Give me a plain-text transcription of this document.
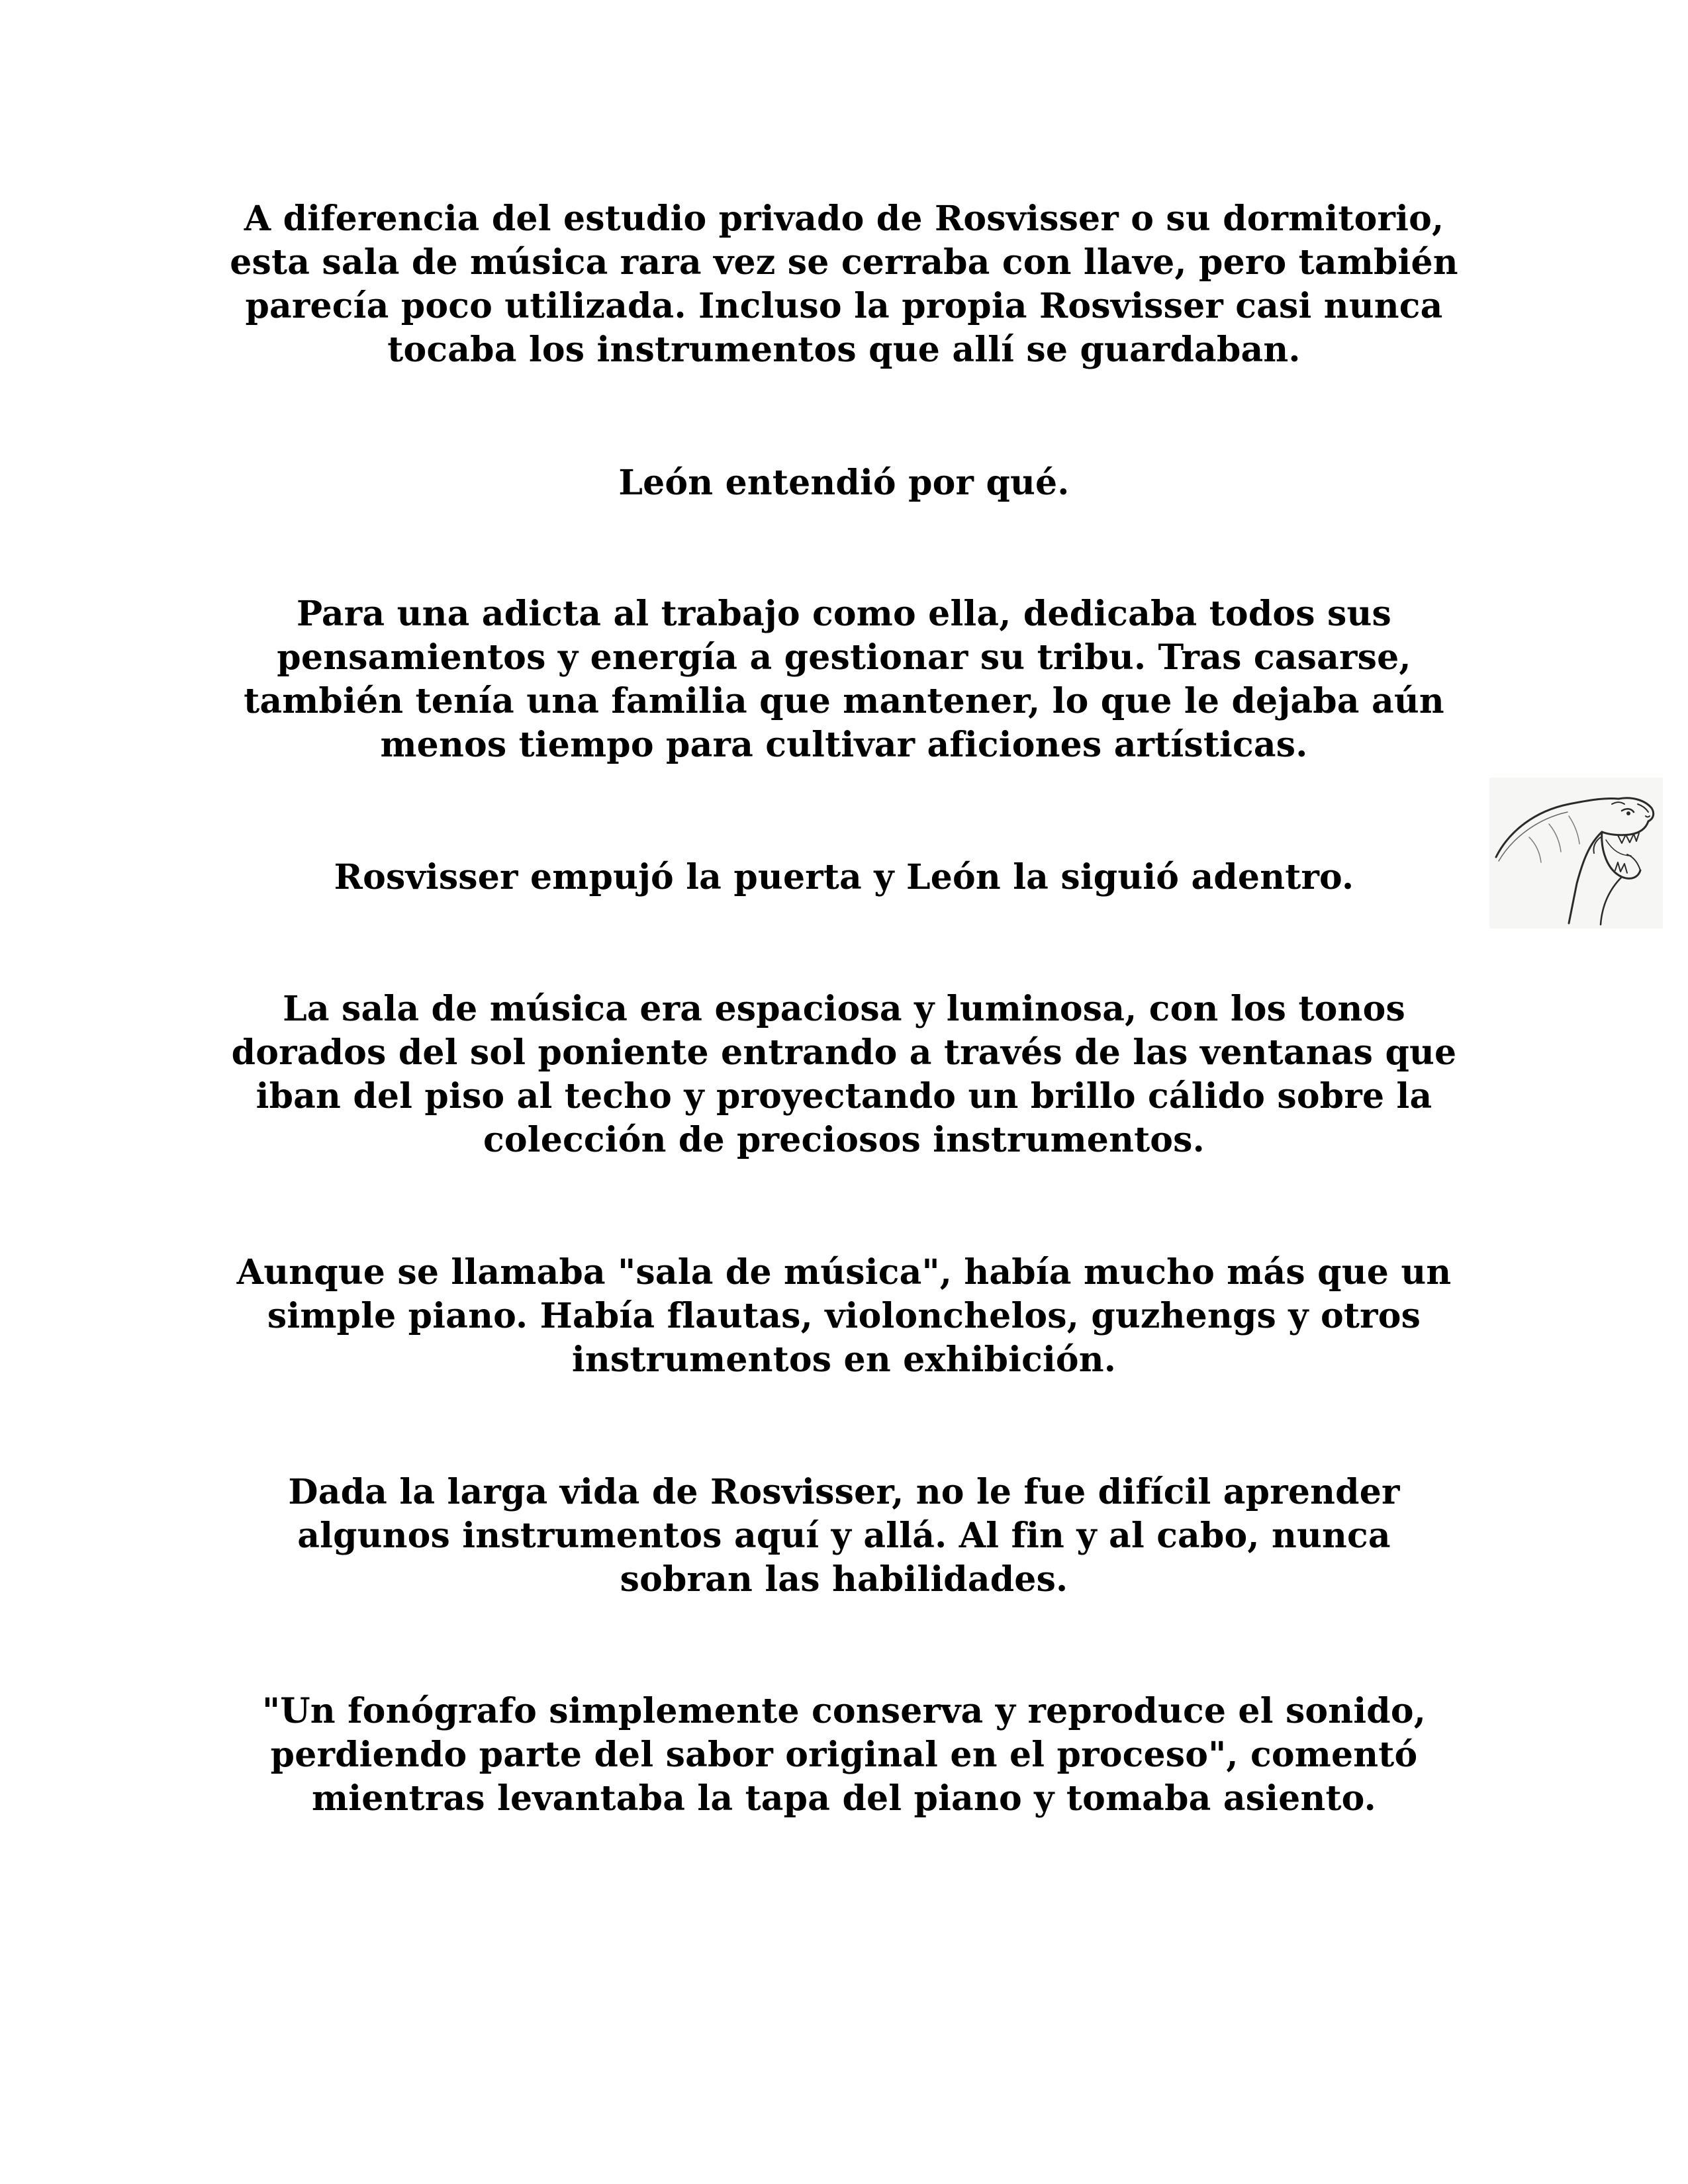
A diferencia del estudio privado de Rosvisser o su dormitorio,
esta sala de música rara vez se cerraba con llave, pero también
parecía poco utilizada. Incluso la propia Rosvisser casi nunca
tocaba los instrumentos que allí se guardaban.

León entendió por qué.

Para una adicta al trabajo como ella, dedicaba todos sus
pensamientos y energía a gestionar su tribu. Tras casarse,
también tenía una familia que mantener, lo que le dejaba aún
menos tiempo para cultivar aficiones artísticas.

Rosvisser empujó la puerta y León la siguió adentro.

La sala de música era espaciosa y luminosa, con los tonos
dorados del sol poniente entrando a través de las ventanas que
iban del piso al techo y proyectando un brillo cálido sobre la
colección de preciosos instrumentos.

Aunque se llamaba "sala de música", había mucho más que un
simple piano. Había flautas, violonchelos, guzhengs y otros
instrumentos en exhibición.

Dada la larga vida de Rosvisser, no le fue difícil aprender
algunos instrumentos aquí y allá. Al fin y al cabo, nunca
sobran las habilidades.

"Un fonógrafo simplemente conserva y reproduce el sonido,
perdiendo parte del sabor original en el proceso", comentó
mientras levantaba la tapa del piano y tomaba asiento.
